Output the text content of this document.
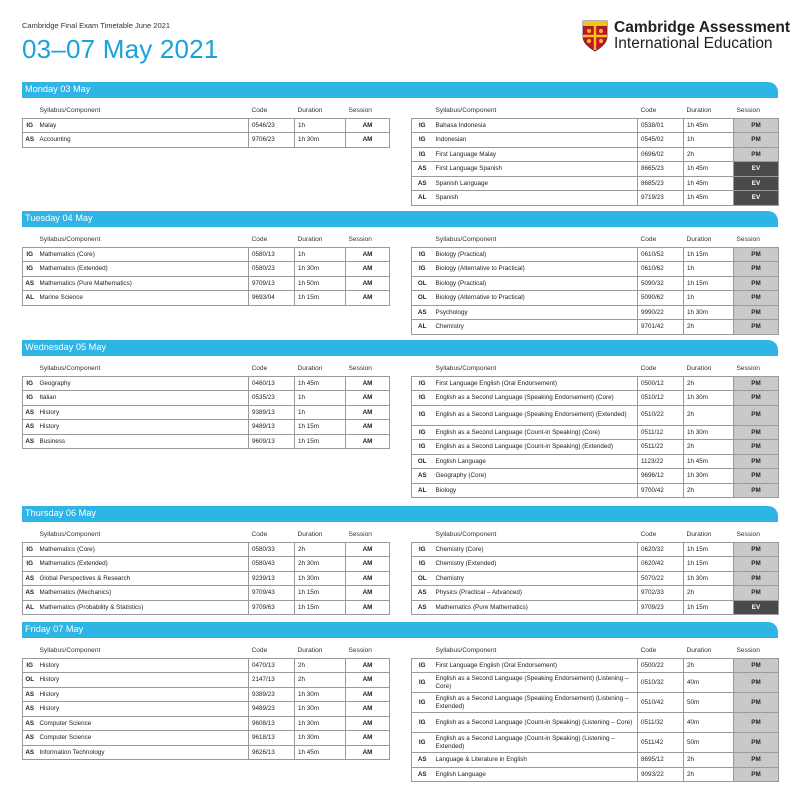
Cambridge Final Exam Timetable June 2021
03–07 May 2021
Cambridge Assessment
International Education
Monday 03 May
	Syllabus/Component	Code	Duration	Session
IG	Malay	0546/23	1h	AM
AS	Accounting	9706/23	1h 30m	AM
	Syllabus/Component	Code	Duration	Session
IG	Bahasa Indonesia	0538/01	1h 45m	PM
IG	Indonesian	0545/02	1h	PM
IG	First Language Malay	0696/02	2h	PM
AS	First Language Spanish	8665/23	1h 45m	EV
AS	Spanish Language	8685/23	1h 45m	EV
AL	Spanish	9719/23	1h 45m	EV
Tuesday 04 May
	Syllabus/Component	Code	Duration	Session
IG	Mathematics (Core)	0580/13	1h	AM
IG	Mathematics (Extended)	0580/23	1h 30m	AM
AS	Mathematics (Pure Mathematics)	9709/13	1h 50m	AM
AL	Marine Science	9693/04	1h 15m	AM
	Syllabus/Component	Code	Duration	Session
IG	Biology (Practical)	0610/52	1h 15m	PM
IG	Biology (Alternative to Practical)	0610/62	1h	PM
OL	Biology (Practical)	5090/32	1h 15m	PM
OL	Biology (Alternative to Practical)	5090/62	1h	PM
AS	Psychology	9990/22	1h 30m	PM
AL	Chemistry	9701/42	2h	PM
Wednesday 05 May
	Syllabus/Component	Code	Duration	Session
IG	Geography	0460/13	1h 45m	AM
IG	Italian	0535/23	1h	AM
AS	History	9389/13	1h	AM
AS	History	9489/13	1h 15m	AM
AS	Business	9609/13	1h 15m	AM
	Syllabus/Component	Code	Duration	Session
IG	First Language English (Oral Endorsement)	0500/12	2h	PM
IG	English as a Second Language (Speaking Endorsement) (Core)	0510/12	1h 30m	PM
IG	English as a Second Language (Speaking Endorsement) (Extended)	0510/22	2h	PM
IG	English as a Second Language (Count-in Speaking) (Core)	0511/12	1h 30m	PM
IG	English as a Second Language (Count-in Speaking) (Extended)	0511/22	2h	PM
OL	English Language	1123/22	1h 45m	PM
AS	Geography (Core)	9696/12	1h 30m	PM
AL	Biology	9700/42	2h	PM
Thursday 06 May
	Syllabus/Component	Code	Duration	Session
IG	Mathematics (Core)	0580/33	2h	AM
IG	Mathematics (Extended)	0580/43	2h 30m	AM
AS	Global Perspectives & Research	9239/13	1h 30m	AM
AS	Mathematics (Mechanics)	9709/43	1h 15m	AM
AL	Mathematics (Probability & Statistics)	9709/63	1h 15m	AM
	Syllabus/Component	Code	Duration	Session
IG	Chemistry (Core)	0620/32	1h 15m	PM
IG	Chemistry (Extended)	0620/42	1h 15m	PM
OL	Chemistry	5070/22	1h 30m	PM
AS	Physics (Practical – Advanced)	9702/33	2h	PM
AS	Mathematics (Pure Mathematics)	9709/23	1h 15m	EV
Friday 07 May
	Syllabus/Component	Code	Duration	Session
IG	History	0470/13	2h	AM
OL	History	2147/13	2h	AM
AS	History	9389/23	1h 30m	AM
AS	History	9489/23	1h 30m	AM
AS	Computer Science	9608/13	1h 30m	AM
AS	Computer Science	9618/13	1h 30m	AM
AS	Information Technology	9626/13	1h 45m	AM
	Syllabus/Component	Code	Duration	Session
IG	First Language English (Oral Endorsement)	0500/22	2h	PM
IG	English as a Second Language (Speaking Endorsement) (Listening – Core)	0510/32	40m	PM
IG	English as a Second Language (Speaking Endorsement) (Listening – Extended)	0510/42	50m	PM
IG	English as a Second Language (Count-in Speaking) (Listening – Core)	0511/32	40m	PM
IG	English as a Second Language (Count-in Speaking) (Listening – Extended)	0511/42	50m	PM
AS	Language & Literature in English	8695/12	2h	PM
AS	English Language	9093/22	2h	PM
